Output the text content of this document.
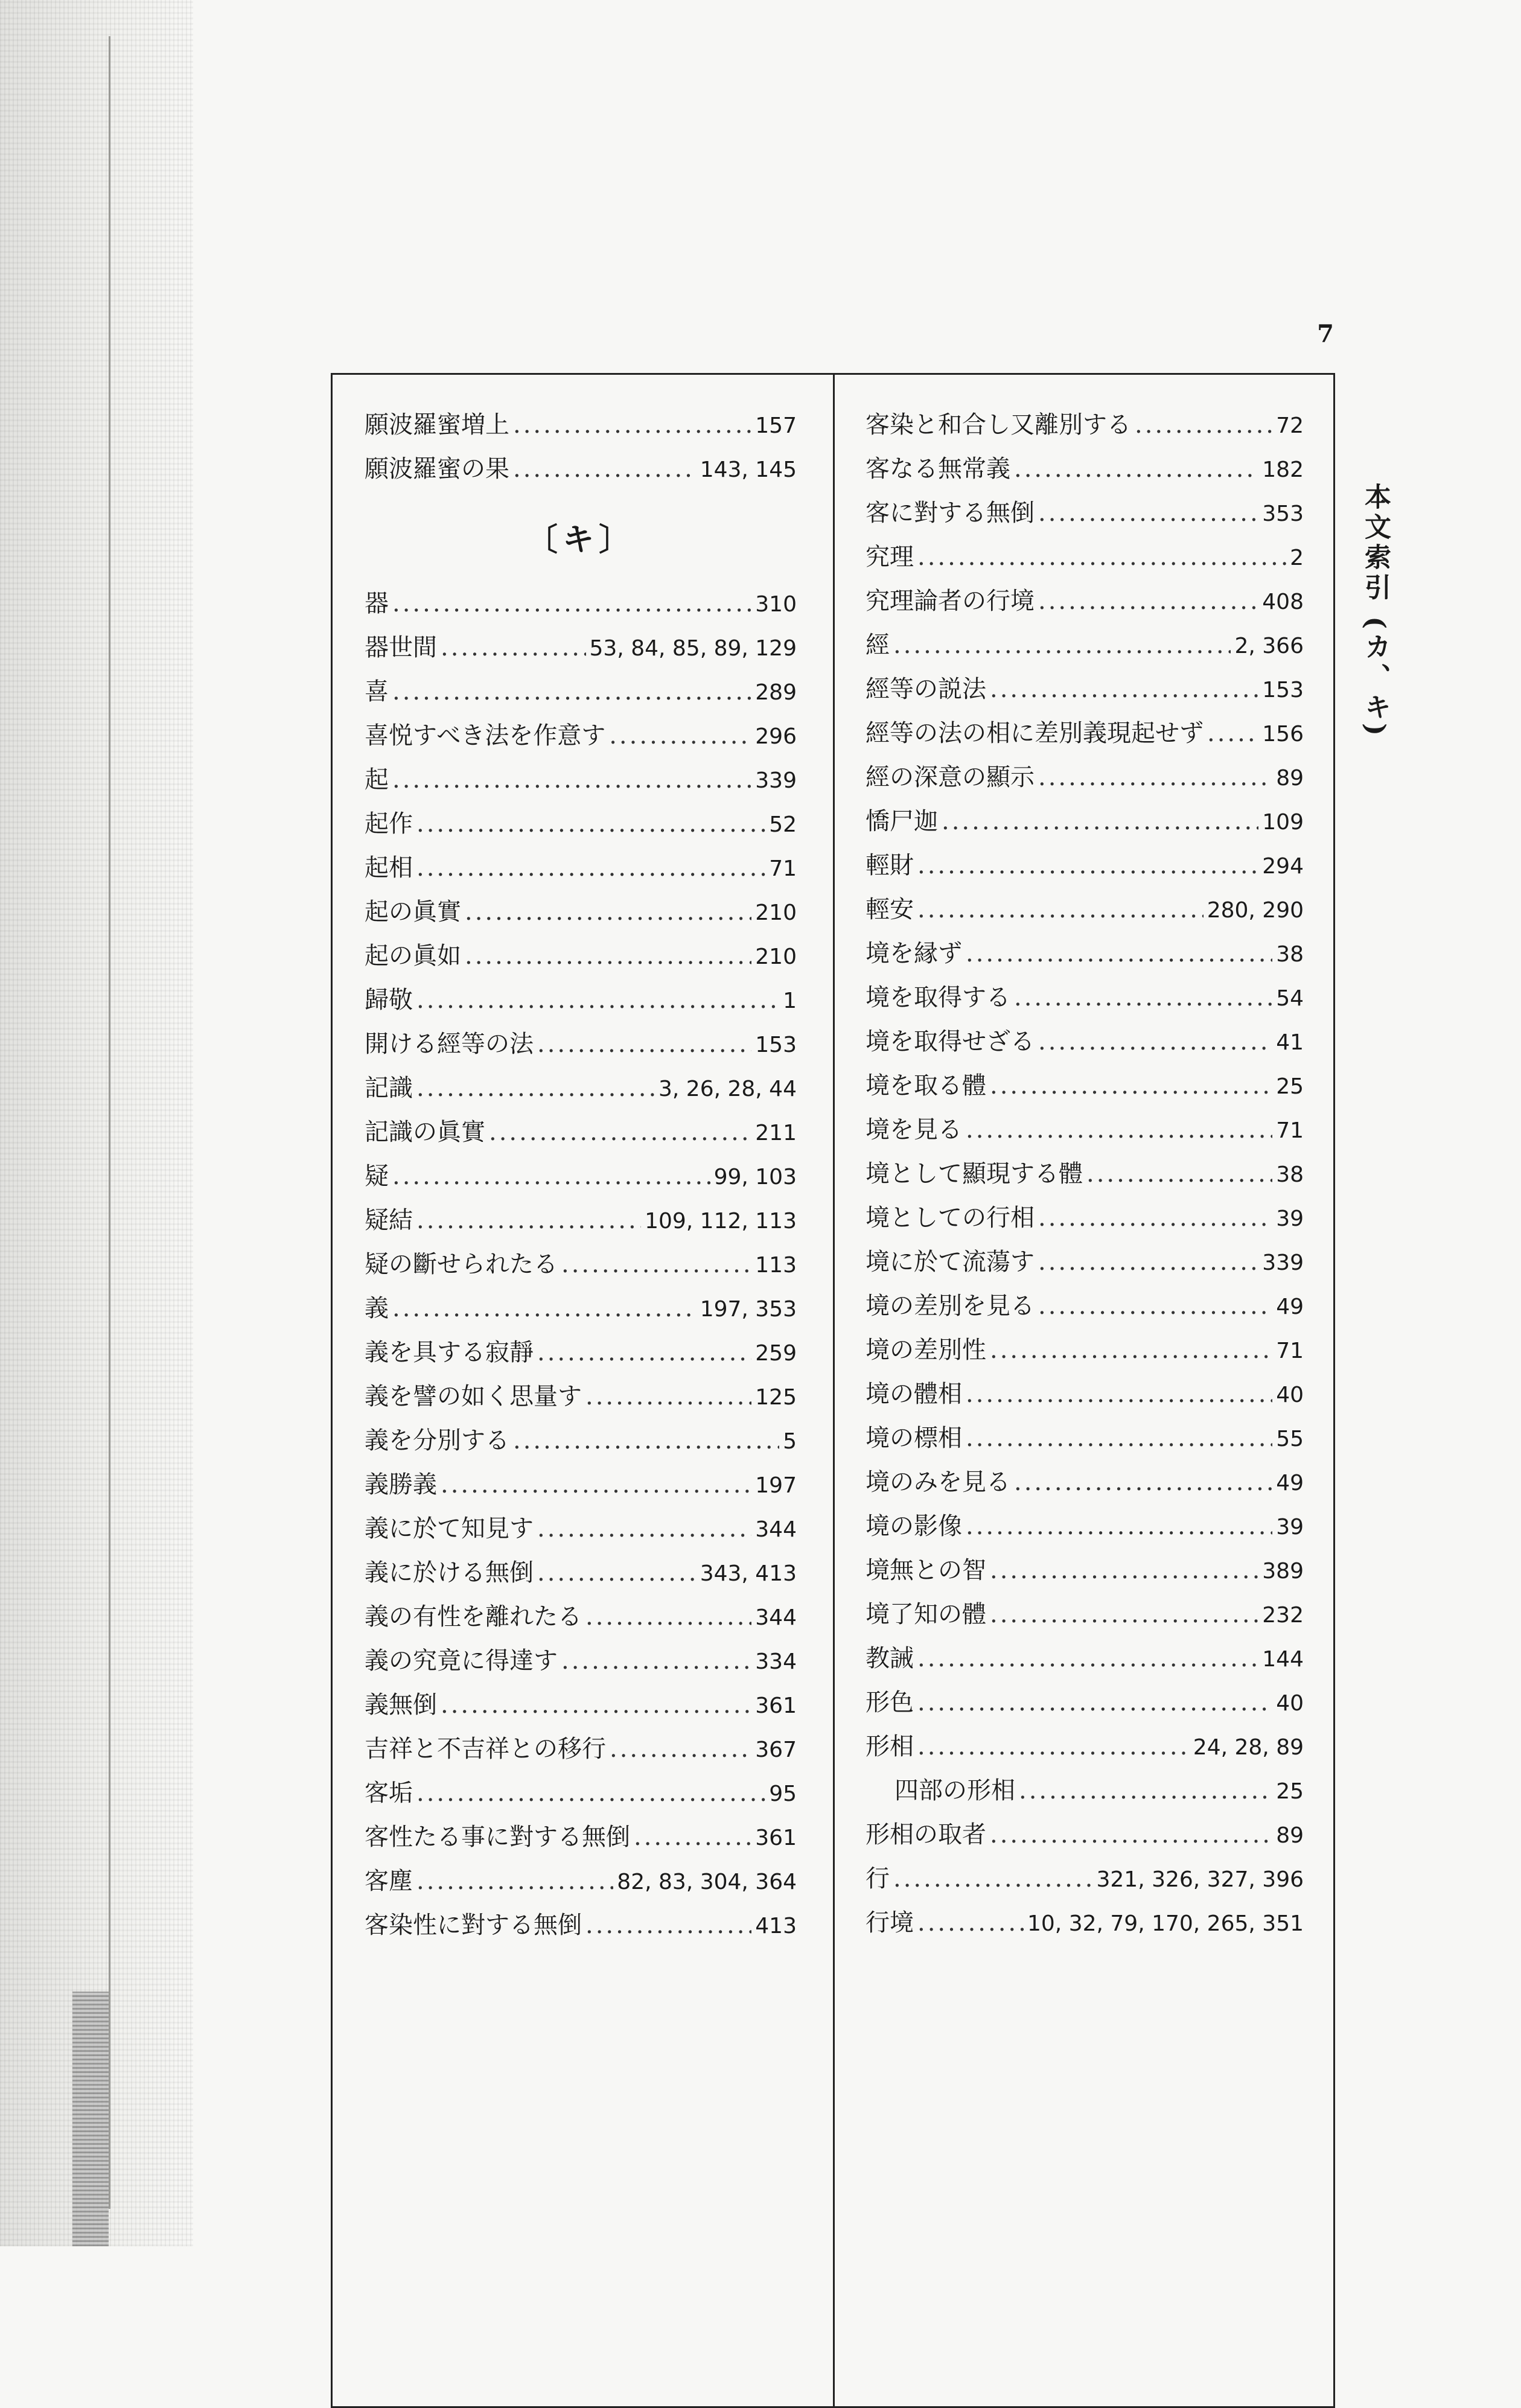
7
願波羅蜜増上 .....	157
願波羅蜜の果 .....	143, 145
〔キ〕
器 .....	310
器世間 .....	53, 84, 85, 89, 129
喜 .....	289
喜悦すべき法を作意す .....	296
起 .....	339
起作 .....	52
起相 .....	71
起の眞實 .....	210
起の眞如 .....	210
歸敬 .....	1
開ける經等の法 .....	153
記識 .....	3, 26, 28, 44
記識の眞實 .....	211
疑 .....	99, 103
疑結 .....	109, 112, 113
疑の斷せられたる .....	113
義 .....	197, 353
義を具する寂靜 .....	259
義を譬の如く思量す .....	125
義を分別する .....	5
義勝義 .....	197
義に於て知見す .....	344
義に於ける無倒 .....	343, 413
義の有性を離れたる .....	344
義の究竟に得達す .....	334
義無倒 .....	361
吉祥と不吉祥との移行 .....	367
客垢 .....	95
客性たる事に對する無倒 .....	361
客塵 .....	82, 83, 304, 364
客染性に對する無倒 .....	413
客染と和合し又離別する .....	72
客なる無常義 .....	182
客に對する無倒 .....	353
究理 .....	2
究理論者の行境 .....	408
經 .....	2, 366
經等の説法 .....	153
經等の法の相に差別義現起せず .....	156
經の深意の顯示 .....	89
憍尸迦 .....	109
輕財 .....	294
輕安 .....	280, 290
境を縁ず .....	38
境を取得する .....	54
境を取得せざる .....	41
境を取る體 .....	25
境を見る .....	71
境として顯現する體 .....	38
境としての行相 .....	39
境に於て流蕩す .....	339
境の差別を見る .....	49
境の差別性 .....	71
境の體相 .....	40
境の標相 .....	55
境のみを見る .....	49
境の影像 .....	39
境無との智 .....	389
境了知の體 .....	232
教誡 .....	144
形色 .....	40
形相 .....	24, 28, 89
四部の形相 .....	25
形相の取者 .....	89
行 .....	321, 326, 327, 396
行境 .....	10, 32, 79, 170, 265, 351
本文索引 (カ、キ)
